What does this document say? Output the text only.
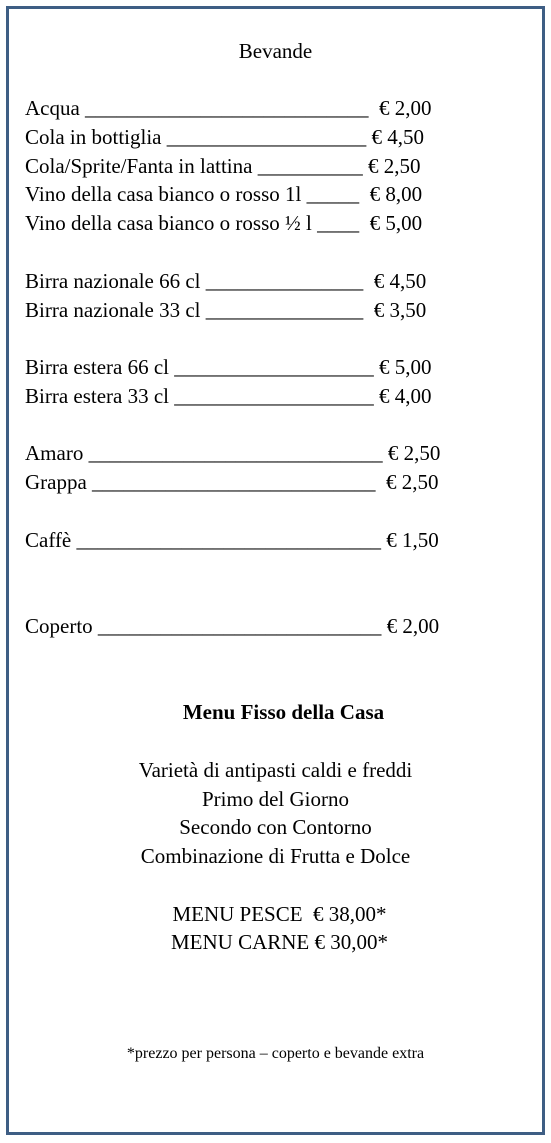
Bevande
Acqua ___________________________  € 2,00
Cola in bottiglia ___________________ € 4,50
Cola/Sprite/Fanta in lattina __________ € 2,50
Vino della casa bianco o rosso 1l _____  € 8,00
Vino della casa bianco o rosso ½ l ____  € 5,00
Birra nazionale 66 cl _______________  € 4,50
Birra nazionale 33 cl _______________  € 3,50
Birra estera 66 cl ___________________ € 5,00
Birra estera 33 cl ___________________ € 4,00
Amaro ____________________________ € 2,50
Grappa ___________________________  € 2,50
Caffè _____________________________ € 1,50
Coperto ___________________________ € 2,00
Menu Fisso della Casa
Varietà di antipasti caldi e freddi
Primo del Giorno
Secondo con Contorno
Combinazione di Frutta e Dolce
MENU PESCE  € 38,00*
MENU CARNE € 30,00*
*prezzo per persona – coperto e bevande extra
